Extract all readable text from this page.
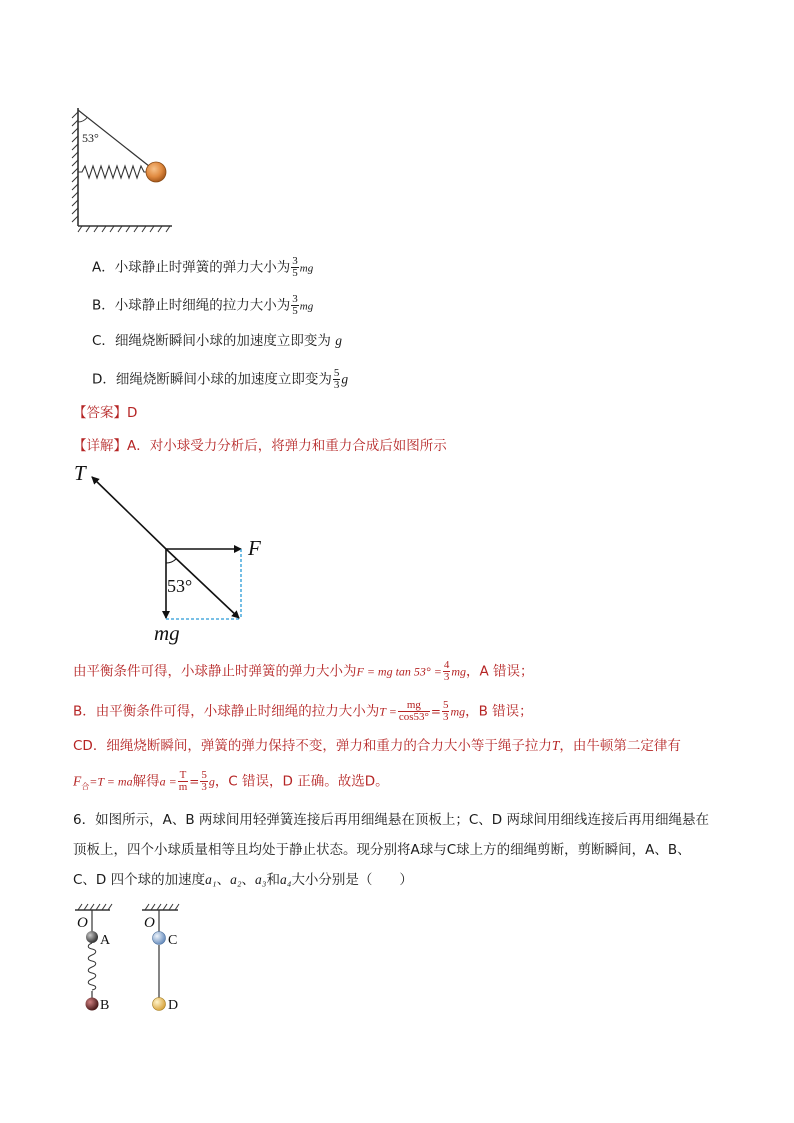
53°
A．小球静止时弹簧的弹力大小为 $\frac{3}{5}$ mg
B．小球静止时细绳的拉力大小为 $\frac{3}{5}$ mg
C．细绳烧断瞬间小球的加速度立即变为 g
D．细绳烧断瞬间小球的加速度立即变为 $\frac{5}{3}$ g
【答案】D
【详解】A．对小球受力分析后，将弹力和重力合成后如图所示
T
F
mg
53°
由平衡条件可得，小球静止时弹簧的弹力大小为F = mg $\tan 53^\circ = \frac{4}{3}$ mg，A 错误；
B．由平衡条件可得，小球静止时细绳的拉力大小为$T = \frac{mg}{\cos 53^\circ} = \frac{5}{3}$ mg，B 错误；
CD．细绳烧断瞬间，弹簧的弹力保持不变，弹力和重力的合力大小等于绳子拉力T，由牛顿第二定律有
$F_合=T$ = ma解得$a = \frac{T}{m} = \frac{5}{3}$ g，C 错误，D 正确。故选D。
6．如图所示，A、B 两球间用轻弹簧连接后再用细绳悬在顶板上；C、D 两球间用细线连接后再用细绳悬在
顶板上，四个小球质量相等且均处于静止状态。现分别将A球与C球上方的细绳剪断，剪断瞬间，A、B、
C、D 四个球的加速度a₁、a₂、a₃和a₄大小分别是（　　）
O	O
A
B
C
D
